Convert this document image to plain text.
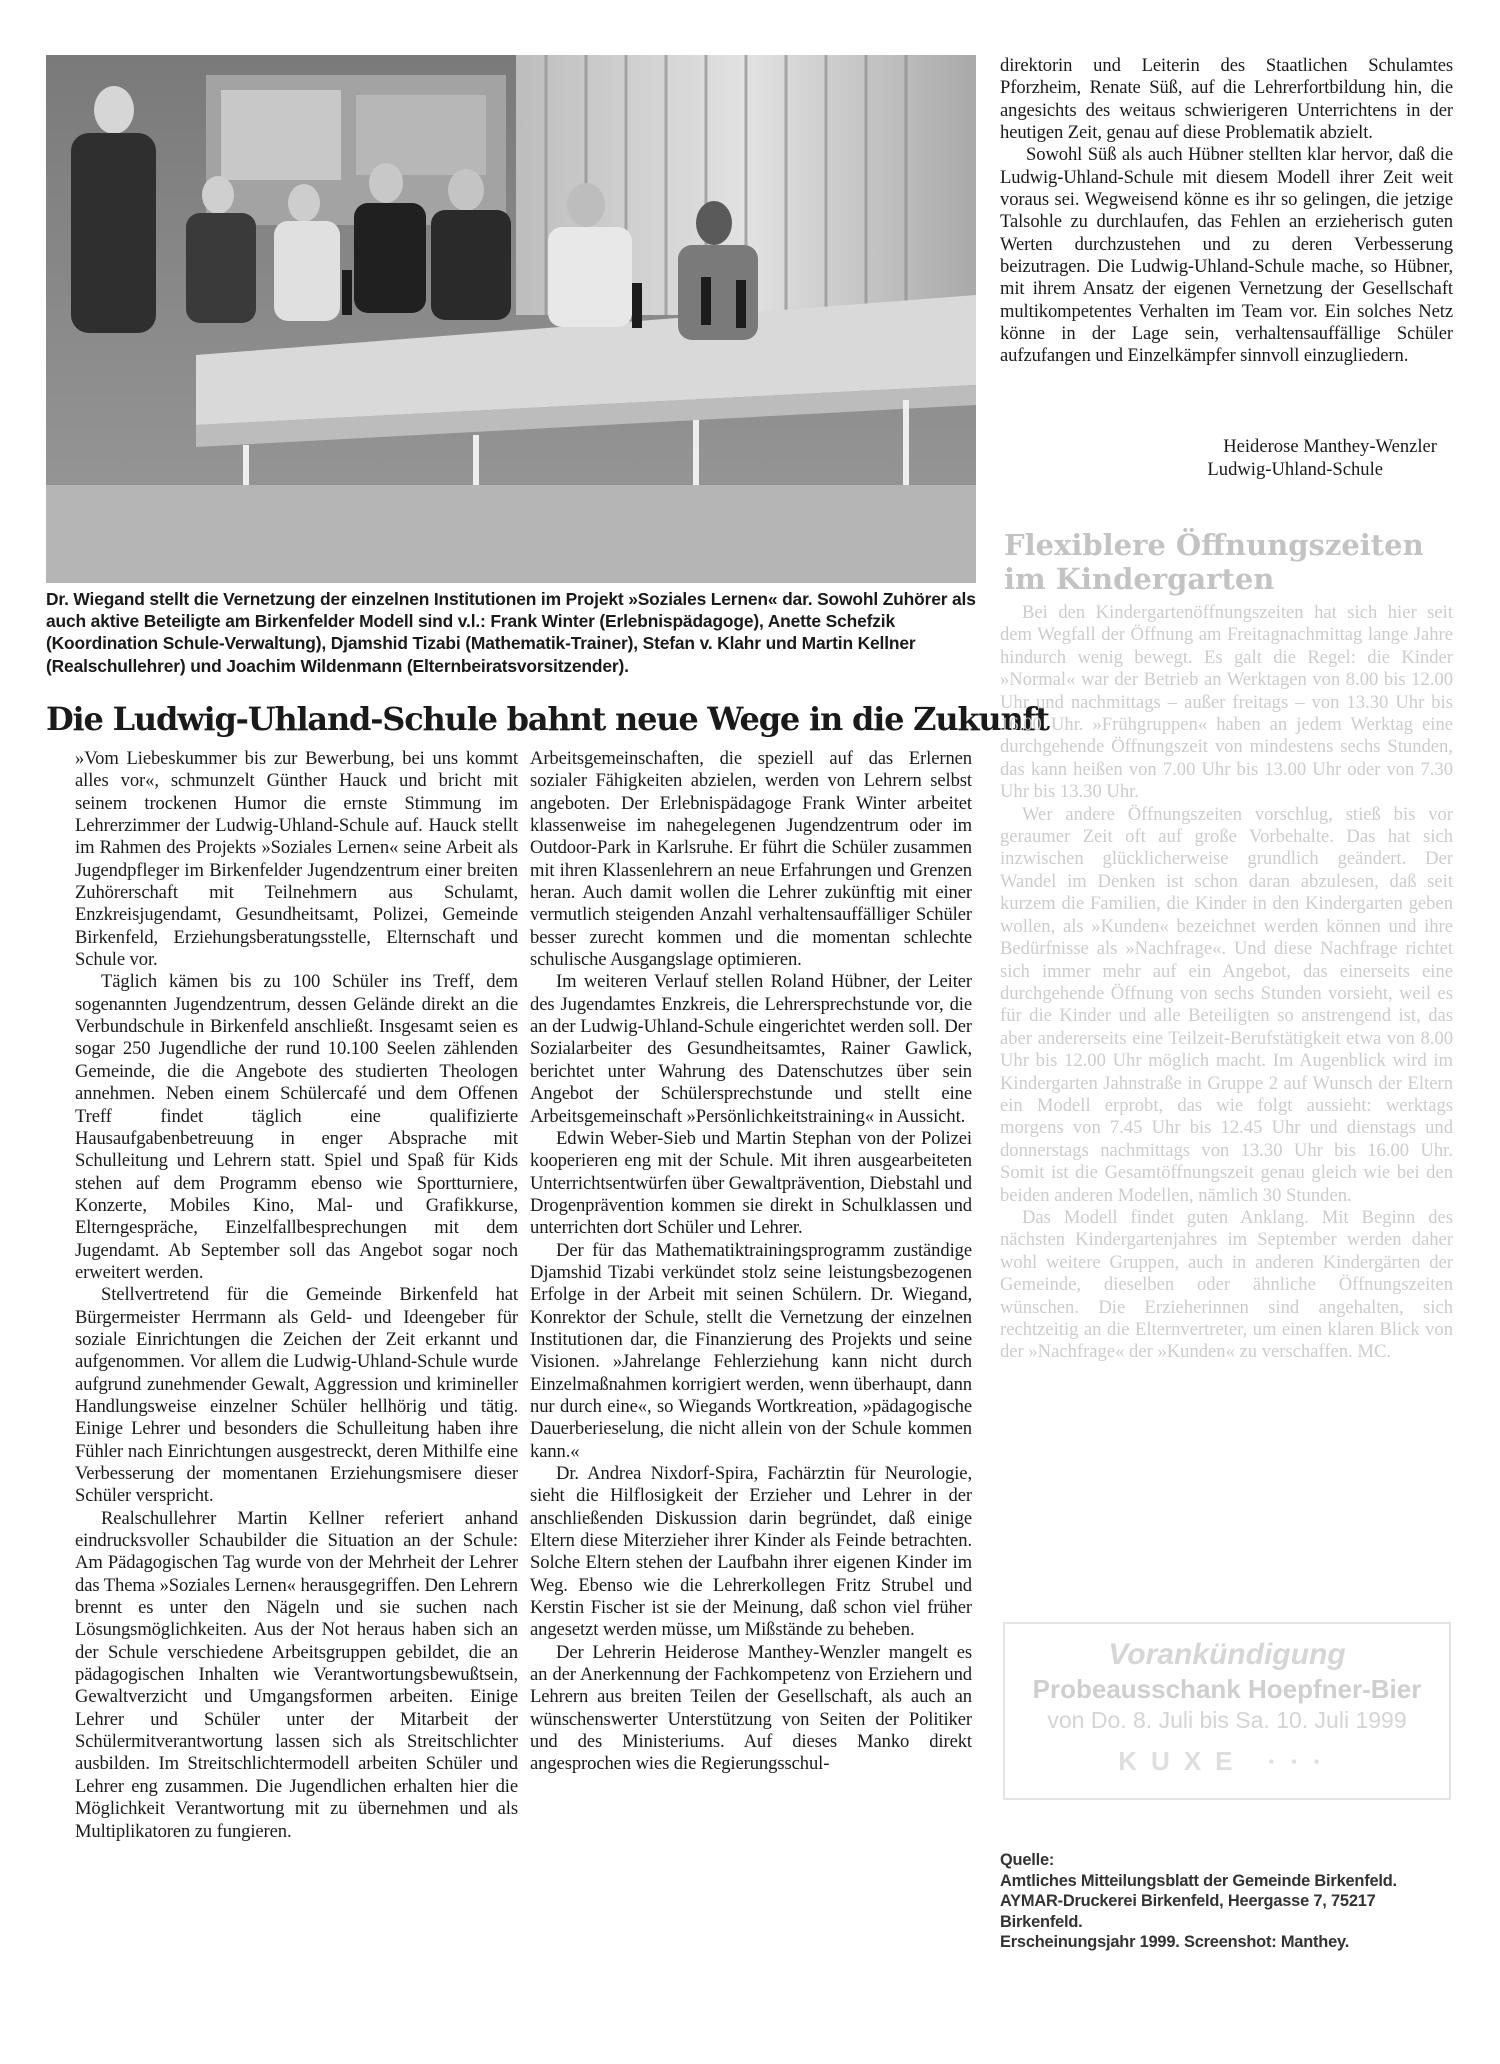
Dr. Wiegand stellt die Vernetzung der einzelnen Institutionen im Projekt »Soziales Lernen« dar. Sowohl Zuhörer als auch aktive Beteiligte am Birkenfelder Modell sind v.l.: Frank Winter (Erlebnispädagoge), Anette Schefzik (Koordination Schule-Verwaltung), Djamshid Tizabi (Mathematik-Trainer), Stefan v. Klahr und Martin Kellner (Realschullehrer) und Joachim Wildenmann (Elternbeiratsvorsitzender).
Die Ludwig-Uhland-Schule bahnt neue Wege in die Zukunft

»Vom Liebeskummer bis zur Bewerbung, bei uns kommt alles vor«, schmunzelt Günther Hauck und bricht mit seinem trockenen Humor die ernste Stimmung im Lehrerzimmer der Ludwig-Uhland-Schule auf. Hauck stellt im Rahmen des Projekts »Soziales Lernen« seine Arbeit als Jugendpfleger im Birkenfelder Jugendzentrum einer breiten Zuhörerschaft mit Teilnehmern aus Schulamt, Enzkreisjugendamt, Gesundheitsamt, Polizei, Gemeinde Birkenfeld, Erziehungsberatungsstelle, Elternschaft und Schule vor.

Täglich kämen bis zu 100 Schüler ins Treff, dem sogenannten Jugendzentrum, dessen Gelände direkt an die Verbundschule in Birkenfeld anschließt. Insgesamt seien es sogar 250 Jugendliche der rund 10.100 Seelen zählenden Gemeinde, die die Angebote des studierten Theologen annehmen. Neben einem Schülercafé und dem Offenen Treff findet täglich eine qualifizierte Hausaufgabenbetreuung in enger Absprache mit Schulleitung und Lehrern statt. Spiel und Spaß für Kids stehen auf dem Programm ebenso wie Sportturniere, Konzerte, Mobiles Kino, Mal- und Grafikkurse, Elterngespräche, Einzelfallbesprechungen mit dem Jugendamt. Ab September soll das Angebot sogar noch erweitert werden.

Stellvertretend für die Gemeinde Birkenfeld hat Bürgermeister Herrmann als Geld- und Ideengeber für soziale Einrichtungen die Zeichen der Zeit erkannt und aufgenommen. Vor allem die Ludwig-Uhland-Schule wurde aufgrund zunehmender Gewalt, Aggression und krimineller Handlungsweise einzelner Schüler hellhörig und tätig. Einige Lehrer und besonders die Schulleitung haben ihre Fühler nach Einrichtungen ausgestreckt, deren Mithilfe eine Verbesserung der momentanen Erziehungsmisere dieser Schüler verspricht.

Realschullehrer Martin Kellner referiert anhand eindrucksvoller Schaubilder die Situation an der Schule: Am Pädagogischen Tag wurde von der Mehrheit der Lehrer das Thema »Soziales Lernen« herausgegriffen. Den Lehrern brennt es unter den Nägeln und sie suchen nach Lösungsmöglichkeiten. Aus der Not heraus haben sich an der Schule verschiedene Arbeitsgruppen gebildet, die an pädagogischen Inhalten wie Verantwortungsbewußtsein, Gewaltverzicht und Umgangsformen arbeiten. Einige Lehrer und Schüler unter der Mitarbeit der Schülermitverantwortung lassen sich als Streitschlichter ausbilden. Im Streitschlichtermodell arbeiten Schüler und Lehrer eng zusammen. Die Jugendlichen erhalten hier die Möglichkeit Verantwortung mit zu übernehmen und als Multiplikatoren zu fungieren.

Arbeitsgemeinschaften, die speziell auf das Erlernen sozialer Fähigkeiten abzielen, werden von Lehrern selbst angeboten. Der Erlebnispädagoge Frank Winter arbeitet klassenweise im nahegelegenen Jugendzentrum oder im Outdoor-Park in Karlsruhe. Er führt die Schüler zusammen mit ihren Klassenlehrern an neue Erfahrungen und Grenzen heran. Auch damit wollen die Lehrer zukünftig mit einer vermutlich steigenden Anzahl verhaltensauffälliger Schüler besser zurecht kommen und die momentan schlechte schulische Ausgangslage optimieren.

Im weiteren Verlauf stellen Roland Hübner, der Leiter des Jugendamtes Enzkreis, die Lehrersprechstunde vor, die an der Ludwig-Uhland-Schule eingerichtet werden soll. Der Sozialarbeiter des Gesundheitsamtes, Rainer Gawlick, berichtet unter Wahrung des Datenschutzes über sein Angebot der Schülersprechstunde und stellt eine Arbeitsgemeinschaft »Persönlichkeitstraining« in Aussicht.

Edwin Weber-Sieb und Martin Stephan von der Polizei kooperieren eng mit der Schule. Mit ihren ausgearbeiteten Unterrichtsentwürfen über Gewaltprävention, Diebstahl und Drogenprävention kommen sie direkt in Schulklassen und unterrichten dort Schüler und Lehrer.

Der für das Mathematiktrainingsprogramm zuständige Djamshid Tizabi verkündet stolz seine leistungsbezogenen Erfolge in der Arbeit mit seinen Schülern. Dr. Wiegand, Konrektor der Schule, stellt die Vernetzung der einzelnen Institutionen dar, die Finanzierung des Projekts und seine Visionen. »Jahrelange Fehlerziehung kann nicht durch Einzelmaßnahmen korrigiert werden, wenn überhaupt, dann nur durch eine«, so Wiegands Wortkreation, »pädagogische Dauerberieselung, die nicht allein von der Schule kommen kann.«

Dr. Andrea Nixdorf-Spira, Fachärztin für Neurologie, sieht die Hilflosigkeit der Erzieher und Lehrer in der anschließenden Diskussion darin begründet, daß einige Eltern diese Miterzieher ihrer Kinder als Feinde betrachten. Solche Eltern stehen der Laufbahn ihrer eigenen Kinder im Weg. Ebenso wie die Lehrerkollegen Fritz Strubel und Kerstin Fischer ist sie der Meinung, daß schon viel früher angesetzt werden müsse, um Mißstände zu beheben.

Der Lehrerin Heiderose Manthey-Wenzler mangelt es an der Anerkennung der Fachkompetenz von Erziehern und Lehrern aus breiten Teilen der Gesellschaft, als auch an wünschenswerter Unterstützung von Seiten der Politiker und des Ministeriums. Auf dieses Manko direkt angesprochen wies die Regierungsschul-

direktorin und Leiterin des Staatlichen Schulamtes Pforzheim, Renate Süß, auf die Lehrerfortbildung hin, die angesichts des weitaus schwierigeren Unterrichtens in der heutigen Zeit, genau auf diese Problematik abzielt.

Sowohl Süß als auch Hübner stellten klar hervor, daß die Ludwig-Uhland-Schule mit diesem Modell ihrer Zeit weit voraus sei. Wegweisend könne es ihr so gelingen, die jetzige Talsohle zu durchlaufen, das Fehlen an erzieherisch guten Werten durchzustehen und zu deren Verbesserung beizutragen. Die Ludwig-Uhland-Schule mache, so Hübner, mit ihrem Ansatz der eigenen Vernetzung der Gesellschaft multikompetentes Verhalten im Team vor. Ein solches Netz könne in der Lage sein, verhaltensauffällige Schüler aufzufangen und Einzelkämpfer sinnvoll einzugliedern.

Heiderose Manthey-Wenzler
Ludwig-Uhland-Schule
Flexiblere Öffnungszeiten im Kindergarten

Bei den Kindergartenöffnungszeiten hat sich hier seit dem Wegfall der Öffnung am Freitagnachmittag lange Jahre hindurch wenig bewegt. Es galt die Regel: die Kinder »Normal« war der Betrieb an Werktagen von 8.00 bis 12.00 Uhr und nachmittags – außer freitags – von 13.30 Uhr bis 16.00 Uhr. »Frühgruppen« haben an jedem Werktag eine durchgehende Öffnungszeit von mindestens sechs Stunden, das kann heißen von 7.00 Uhr bis 13.00 Uhr oder von 7.30 Uhr bis 13.30 Uhr.

Wer andere Öffnungszeiten vorschlug, stieß bis vor geraumer Zeit oft auf große Vorbehalte. Das hat sich inzwischen glücklicherweise grundlich geändert. Der Wandel im Denken ist schon daran abzulesen, daß seit kurzem die Familien, die Kinder in den Kindergarten geben wollen, als »Kunden« bezeichnet werden können und ihre Bedürfnisse als »Nachfrage«. Und diese Nachfrage richtet sich immer mehr auf ein Angebot, das einerseits eine durchgehende Öffnung von sechs Stunden vorsieht, weil es für die Kinder und alle Beteiligten so anstrengend ist, das aber andererseits eine Teilzeit-Berufstätigkeit etwa von 8.00 Uhr bis 12.00 Uhr möglich macht. Im Augenblick wird im Kindergarten Jahnstraße in Gruppe 2 auf Wunsch der Eltern ein Modell erprobt, das wie folgt aussieht: werktags morgens von 7.45 Uhr bis 12.45 Uhr und dienstags und donnerstags nachmittags von 13.30 Uhr bis 16.00 Uhr. Somit ist die Gesamtöffnungszeit genau gleich wie bei den beiden anderen Modellen, nämlich 30 Stunden.

Das Modell findet guten Anklang. Mit Beginn des nächsten Kindergartenjahres im September werden daher wohl weitere Gruppen, auch in anderen Kindergärten der Gemeinde, dieselben oder ähnliche Öffnungszeiten wünschen. Die Erzieherinnen sind angehalten, sich rechtzeitig an die Elternvertreter, um einen klaren Blick von der »Nachfrage« der »Kunden« zu verschaffen. MC.

Vorankündigung
Probeausschank Hoepfner-Bier
von Do. 8. Juli bis Sa. 10. Juli 1999
KUXE ···
Quelle:
Amtliches Mitteilungsblatt der Gemeinde Birkenfeld.
AYMAR-Druckerei Birkenfeld, Heergasse 7, 75217
Birkenfeld.
Erscheinungsjahr 1999. Screenshot: Manthey.
